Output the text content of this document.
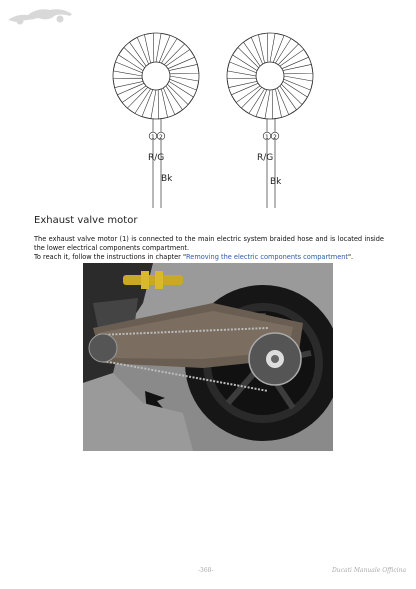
R/G
Bk
1 2
R/G
Bk
1 2
Exhaust valve motor

The exhaust valve motor (1) is connected to the main electric system braided hose and is located inside the lower electrical components compartment.

To reach it, follow the instructions in chapter "Removing the electric components compartment".

-368-	Ducati Manuale Officina
